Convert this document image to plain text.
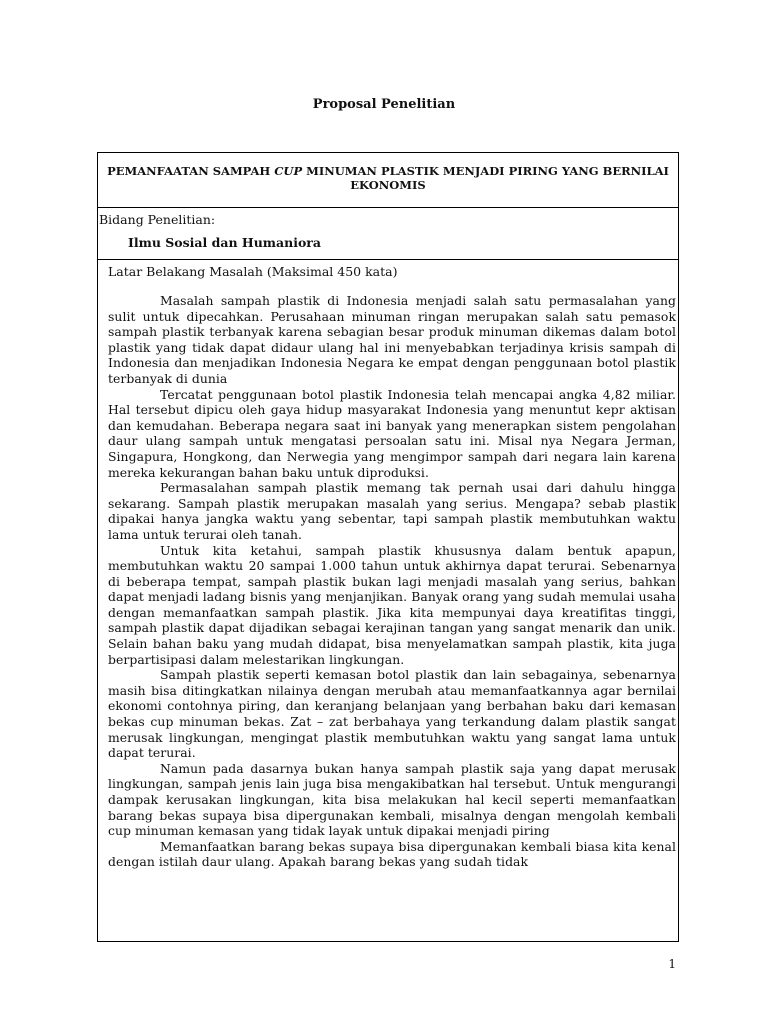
Proposal Penelitian
PEMANFAATAN SAMPAH CUP MINUMAN PLASTIK MENJADI PIRING YANG BERNILAI EKONOMIS
Bidang Penelitian:
Ilmu Sosial dan Humaniora
Latar Belakang Masalah (Maksimal 450 kata)

Masalah sampah plastik di Indonesia menjadi salah satu permasalahan yang sulit untuk dipecahkan. Perusahaan minuman ringan merupakan salah satu pemasok sampah plastik terbanyak karena sebagian besar produk minuman dikemas dalam botol plastik yang tidak dapat didaur ulang hal ini menyebabkan terjadinya krisis sampah di Indonesia dan menjadikan Indonesia Negara ke empat dengan penggunaan botol plastik terbanyak di dunia

Tercatat penggunaan botol plastik Indonesia telah mencapai angka 4,82 miliar. Hal tersebut dipicu oleh gaya hidup masyarakat Indonesia yang menuntut kepr aktisan dan kemudahan. Beberapa negara saat ini banyak yang menerapkan sistem pengolahan daur ulang sampah untuk mengatasi persoalan satu ini. Misal nya Negara Jerman, Singapura, Hongkong, dan Nerwegia yang mengimpor sampah dari negara lain karena mereka kekurangan bahan baku untuk diproduksi.

Permasalahan sampah plastik memang tak pernah usai dari dahulu hingga sekarang. Sampah plastik merupakan masalah yang serius. Mengapa? sebab plastik dipakai hanya jangka waktu yang sebentar, tapi sampah plastik membutuhkan waktu lama untuk terurai oleh tanah.

Untuk kita ketahui, sampah plastik khususnya dalam bentuk apapun, membutuhkan waktu 20 sampai 1.000 tahun untuk akhirnya dapat terurai. Sebenarnya di beberapa tempat, sampah plastik bukan lagi menjadi masalah yang serius, bahkan dapat menjadi ladang bisnis yang menjanjikan. Banyak orang yang sudah memulai usaha dengan memanfaatkan sampah plastik. Jika kita mempunyai daya kreatifitas tinggi, sampah plastik dapat dijadikan sebagai kerajinan tangan yang sangat menarik dan unik. Selain bahan baku yang mudah didapat, bisa menyelamatkan sampah plastik, kita juga berpartisipasi dalam melestarikan lingkungan.

Sampah plastik seperti kemasan botol plastik dan lain sebagainya, sebenarnya masih bisa ditingkatkan nilainya dengan merubah atau memanfaatkannya agar bernilai ekonomi contohnya piring, dan keranjang belanjaan yang berbahan baku dari kemasan bekas cup minuman bekas. Zat – zat berbahaya yang terkandung dalam plastik sangat merusak lingkungan, mengingat plastik membutuhkan waktu yang sangat lama untuk dapat terurai.

Namun pada dasarnya bukan hanya sampah plastik saja yang dapat merusak lingkungan, sampah jenis lain juga bisa mengakibatkan hal tersebut. Untuk mengurangi dampak kerusakan lingkungan, kita bisa melakukan hal kecil seperti memanfaatkan barang bekas supaya bisa dipergunakan kembali, misalnya dengan mengolah kembali cup minuman kemasan yang tidak layak untuk dipakai menjadi piring

Memanfaatkan barang bekas supaya bisa dipergunakan kembali biasa kita kenal dengan istilah daur ulang. Apakah barang bekas yang sudah tidak

1
